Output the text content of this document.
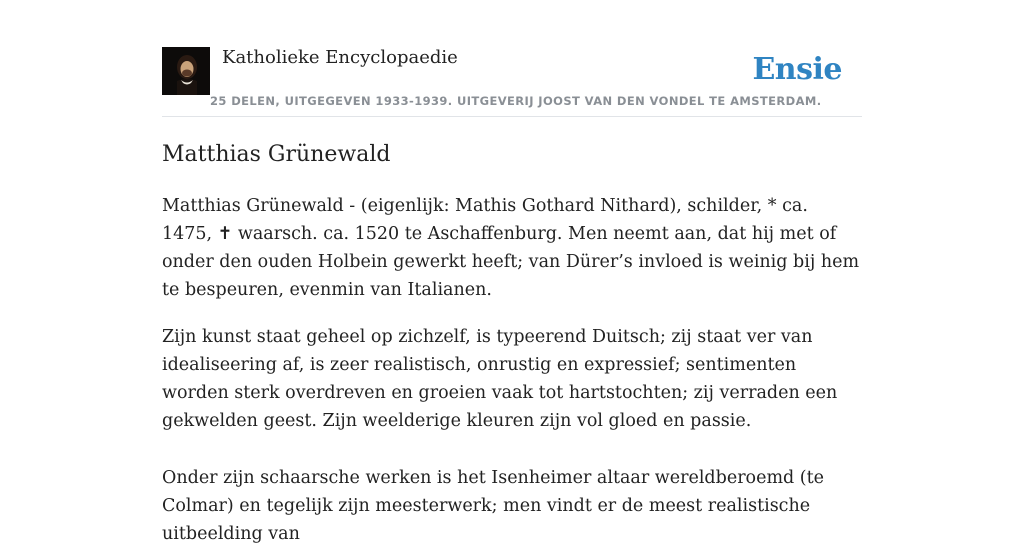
Katholieke Encyclopaedie
25 DELEN, UITGEGEVEN 1933-1939. UITGEVERIJ JOOST VAN DEN VONDEL TE AMSTERDAM.
Ensie
Matthias Grünewald

Matthias Grünewald - (eigenlijk: Mathis Gothard Nithard), schilder, * ca. 1475, ✝ waarsch. ca. 1520 te Aschaffenburg. Men neemt aan, dat hij met of onder den ouden Holbein gewerkt heeft; van Dürer’s invloed is weinig bij hem te bespeuren, evenmin van Italianen.

Zijn kunst staat geheel op zichzelf, is typeerend Duitsch; zij staat ver van idealiseering af, is zeer realistisch, onrustig en expressief; sentimenten worden sterk overdreven en groeien vaak tot hartstochten; zij verraden een gekwelden geest. Zijn weelderige kleuren zijn vol gloed en passie.

Onder zijn schaarsche werken is het Isenheimer altaar wereldberoemd (te Colmar) en tegelijk zijn meesterwerk; men vindt er de meest realistische uitbeelding van
